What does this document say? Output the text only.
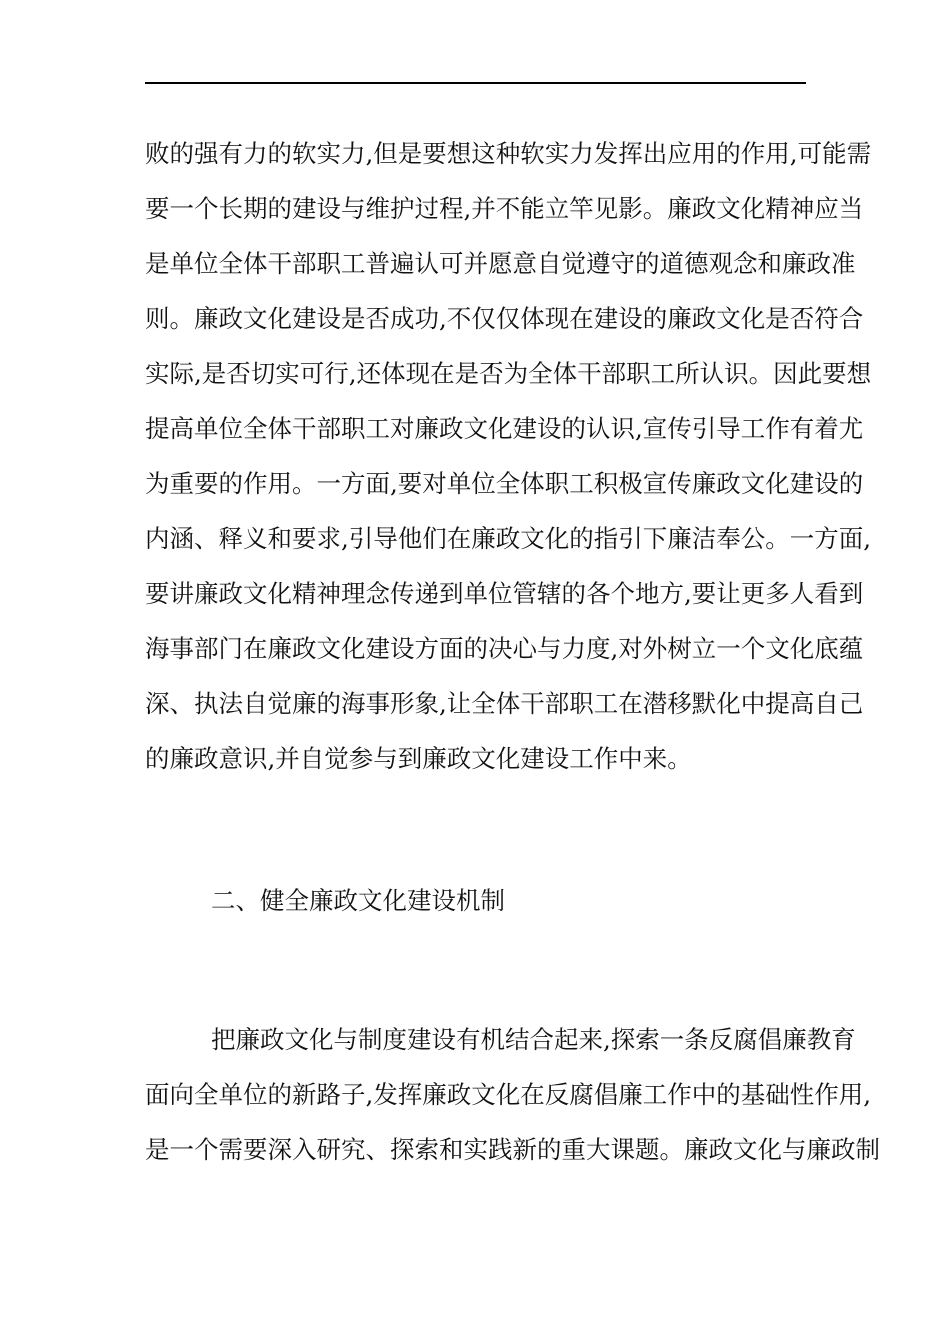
败的强有力的软实力,但是要想这种软实力发挥出应用的作用,可能需
要一个长期的建设与维护过程,并不能立竿见影。廉政文化精神应当
是单位全体干部职工普遍认可并愿意自觉遵守的道德观念和廉政准
则。廉政文化建设是否成功,不仅仅体现在建设的廉政文化是否符合
实际,是否切实可行,还体现在是否为全体干部职工所认识。因此要想
提高单位全体干部职工对廉政文化建设的认识,宣传引导工作有着尤
为重要的作用。一方面,要对单位全体职工积极宣传廉政文化建设的
内涵、释义和要求,引导他们在廉政文化的指引下廉洁奉公。一方面,
要讲廉政文化精神理念传递到单位管辖的各个地方,要让更多人看到
海事部门在廉政文化建设方面的决心与力度,对外树立一个文化底蕴
深、执法自觉廉的海事形象,让全体干部职工在潜移默化中提高自己
的廉政意识,并自觉参与到廉政文化建设工作中来。
二、健全廉政文化建设机制
把廉政文化与制度建设有机结合起来,探索一条反腐倡廉教育
面向全单位的新路子,发挥廉政文化在反腐倡廉工作中的基础性作用,
是一个需要深入研究、探索和实践新的重大课题。廉政文化与廉政制
